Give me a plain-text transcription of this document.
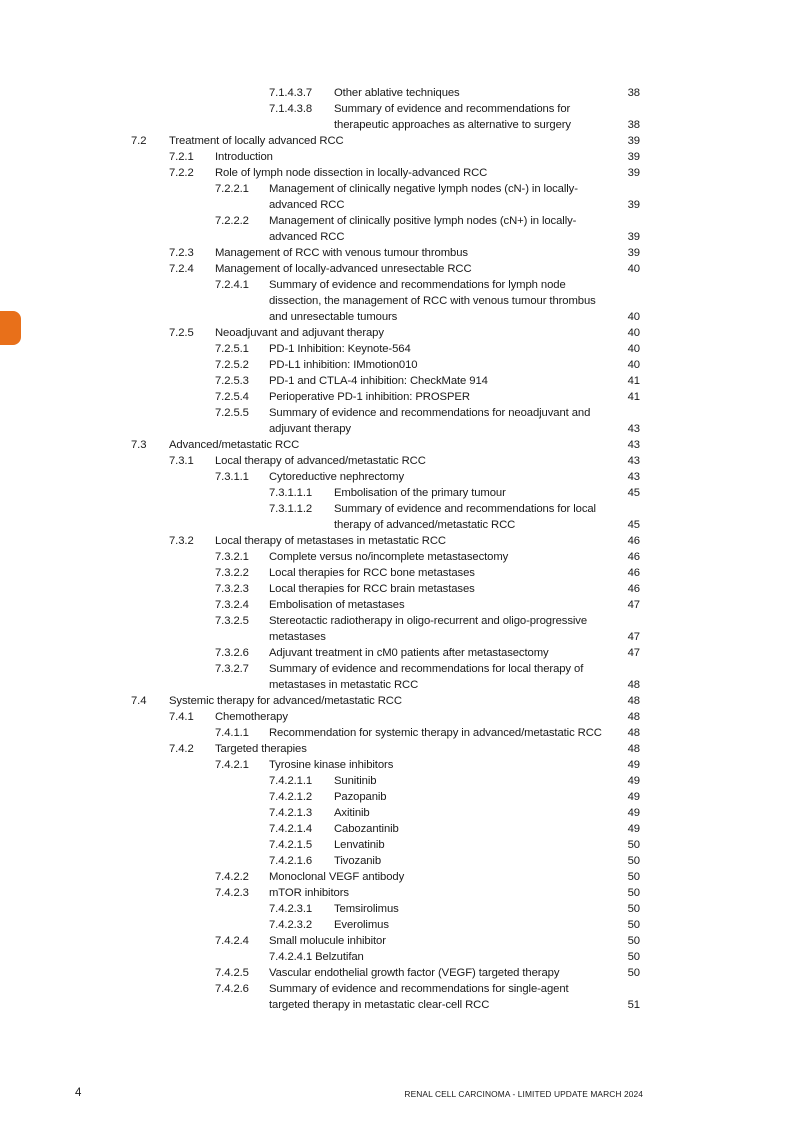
7.1.4.3.7 Other ablative techniques	38
7.1.4.3.8 Summary of evidence and recommendations for
therapeutic approaches as alternative to surgery	38
7.2 Treatment of locally advanced RCC	39
7.2.1 Introduction	39
7.2.2 Role of lymph node dissection in locally-advanced RCC	39
7.2.2.1 Management of clinically negative lymph nodes (cN-) in locally-
advanced RCC	39
7.2.2.2 Management of clinically positive lymph nodes (cN+) in locally-
advanced RCC	39
7.2.3 Management of RCC with venous tumour thrombus	39
7.2.4 Management of locally-advanced unresectable RCC	40
7.2.4.1 Summary of evidence and recommendations for lymph node
dissection, the management of RCC with venous tumour thrombus
and unresectable tumours	40
7.2.5 Neoadjuvant and adjuvant therapy	40
7.2.5.1 PD-1 Inhibition: Keynote-564	40
7.2.5.2 PD-L1 inhibition: IMmotion010	40
7.2.5.3 PD-1 and CTLA-4 inhibition: CheckMate 914	41
7.2.5.4 Perioperative PD-1 inhibition: PROSPER	41
7.2.5.5 Summary of evidence and recommendations for neoadjuvant and
adjuvant therapy	43
7.3 Advanced/metastatic RCC	43
7.3.1 Local therapy of advanced/metastatic RCC	43
7.3.1.1 Cytoreductive nephrectomy	43
7.3.1.1.1 Embolisation of the primary tumour	45
7.3.1.1.2 Summary of evidence and recommendations for local
therapy of advanced/metastatic RCC	45
7.3.2 Local therapy of metastases in metastatic RCC	46
7.3.2.1 Complete versus no/incomplete metastasectomy	46
7.3.2.2 Local therapies for RCC bone metastases	46
7.3.2.3 Local therapies for RCC brain metastases	46
7.3.2.4 Embolisation of metastases	47
7.3.2.5 Stereotactic radiotherapy in oligo-recurrent and oligo-progressive
metastases	47
7.3.2.6 Adjuvant treatment in cM0 patients after metastasectomy	47
7.3.2.7 Summary of evidence and recommendations for local therapy of
metastases in metastatic RCC	48
7.4 Systemic therapy for advanced/metastatic RCC	48
7.4.1 Chemotherapy	48
7.4.1.1 Recommendation for systemic therapy in advanced/metastatic RCC	48
7.4.2 Targeted therapies	48
7.4.2.1 Tyrosine kinase inhibitors	49
7.4.2.1.1 Sunitinib	49
7.4.2.1.2 Pazopanib	49
7.4.2.1.3 Axitinib	49
7.4.2.1.4 Cabozantinib	49
7.4.2.1.5 Lenvatinib	50
7.4.2.1.6 Tivozanib	50
7.4.2.2 Monoclonal VEGF antibody	50
7.4.2.3 mTOR inhibitors	50
7.4.2.3.1 Temsirolimus	50
7.4.2.3.2 Everolimus	50
7.4.2.4 Small molucule inhibitor	50
7.4.2.4.1 Belzutifan	50
7.4.2.5 Vascular endothelial growth factor (VEGF) targeted therapy	50
7.4.2.6 Summary of evidence and recommendations for single-agent
targeted therapy in metastatic clear-cell RCC	51
4	RENAL CELL CARCINOMA - LIMITED UPDATE MARCH 2024
